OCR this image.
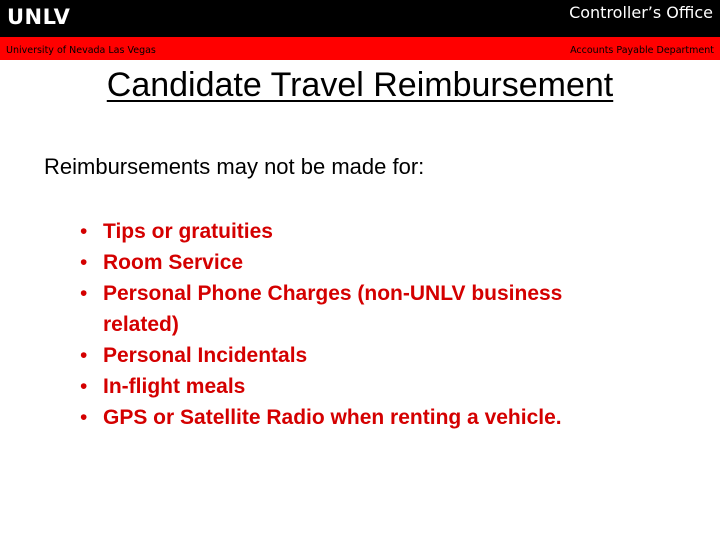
UNLV	Controller’s Office
University of Nevada Las Vegas	Accounts Payable Department
Candidate Travel Reimbursement
Reimbursements may not be made for:
• Tips or gratuities
• Room Service
• Personal Phone Charges (non-UNLV business related)
• Personal Incidentals
• In-flight meals
• GPS or Satellite Radio when renting a vehicle.
